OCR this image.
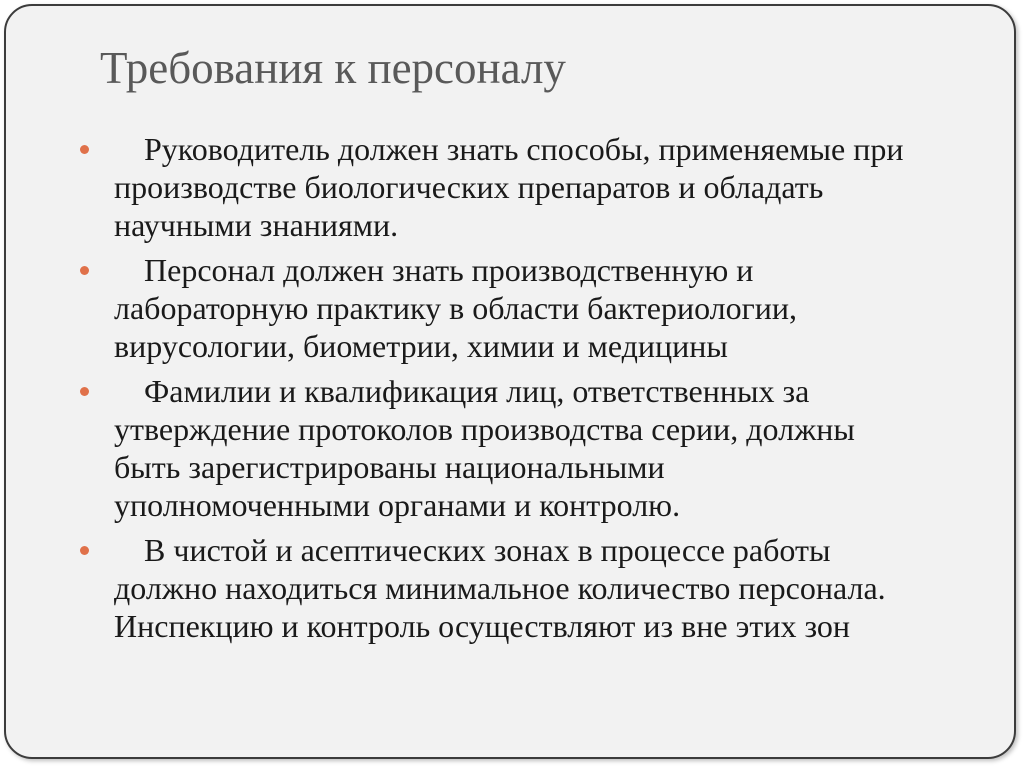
Требования к персоналу
Руководитель должен знать способы, применяемые при
производстве биологических препаратов и обладать
научными знаниями.
Персонал должен знать производственную и
лабораторную практику в области бактериологии,
вирусологии, биометрии, химии и медицины
Фамилии и квалификация лиц, ответственных за
утверждение протоколов производства серии, должны
быть зарегистрированы национальными
уполномоченными органами и контролю.
В чистой и асептических зонах в процессе работы
должно находиться минимальное количество персонала.
Инспекцию и контроль осуществляют из вне этих зон
